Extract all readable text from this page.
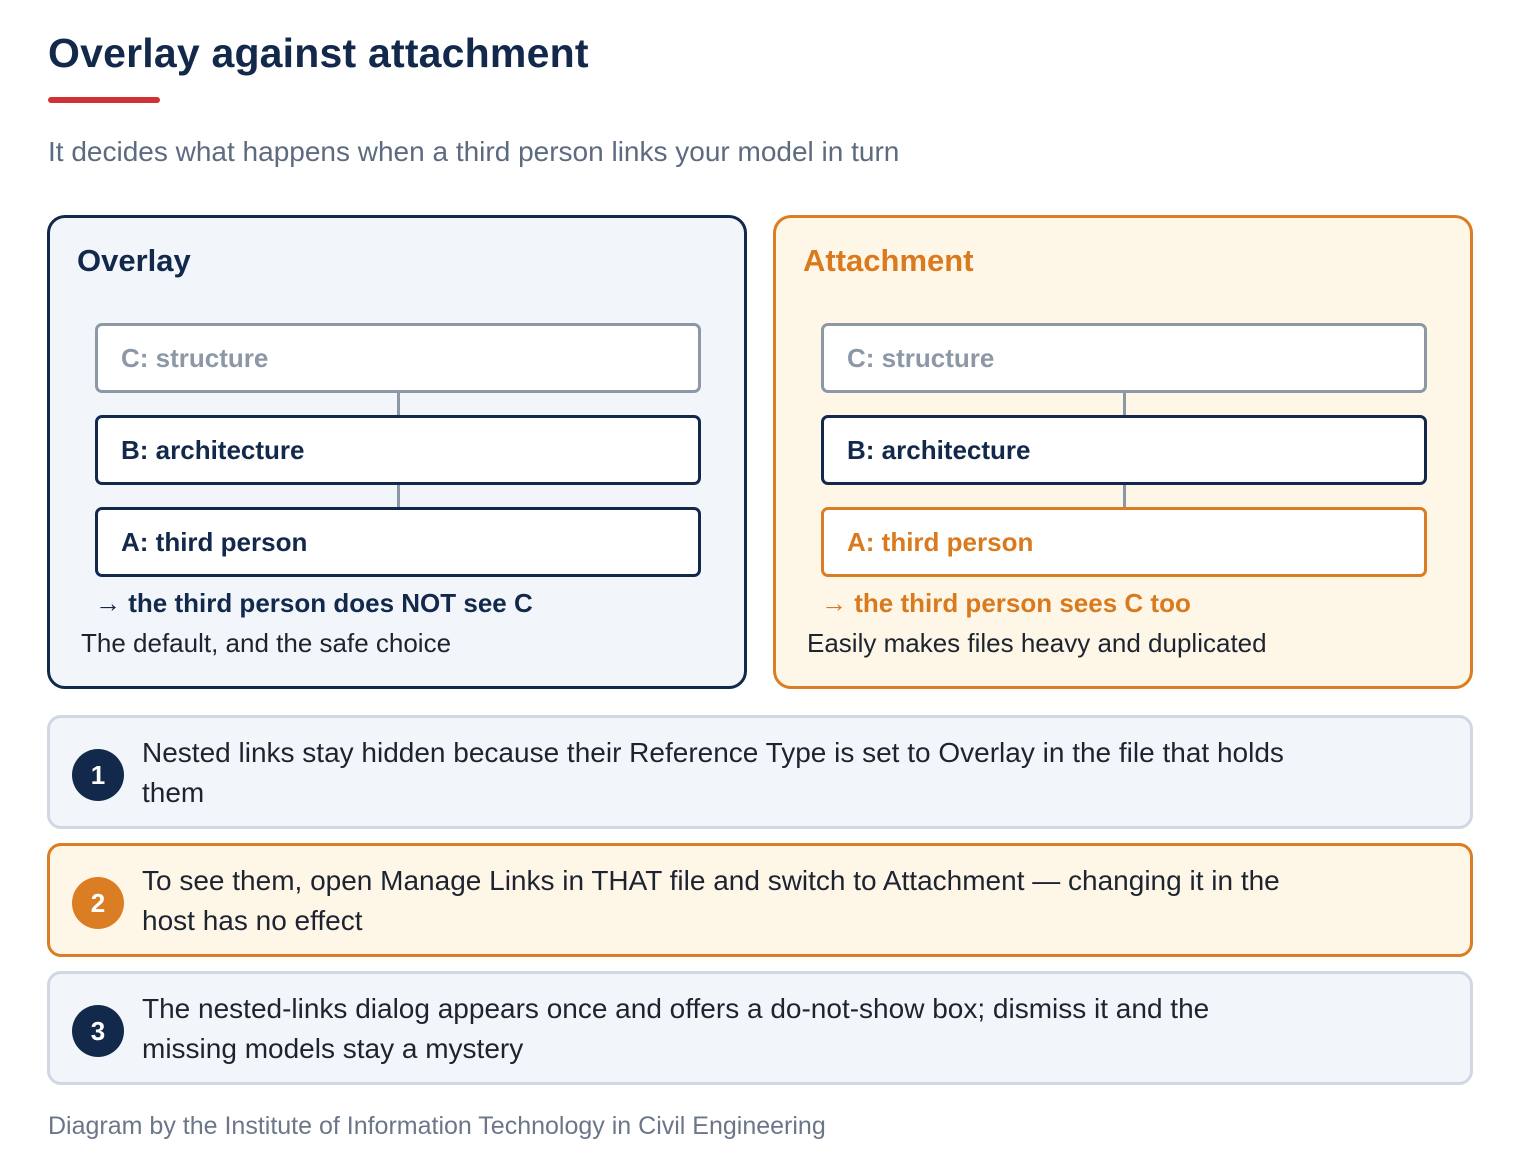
Overlay against attachment

It decides what happens when a third person links your model in turn

Overlay
C: structure
B: architecture
A: third person
→ the third person does NOT see C
The default, and the safe choice
Attachment
C: structure
B: architecture
A: third person
→ the third person sees C too
Easily makes files heavy and duplicated
1
Nested links stay hidden because their Reference Type is set to Overlay in the file that holds them
2
To see them, open Manage Links in THAT file and switch to Attachment — changing it in the host has no effect
3
The nested-links dialog appears once and offers a do-not-show box; dismiss it and the missing models stay a mystery

Diagram by the Institute of Information Technology in Civil Engineering
